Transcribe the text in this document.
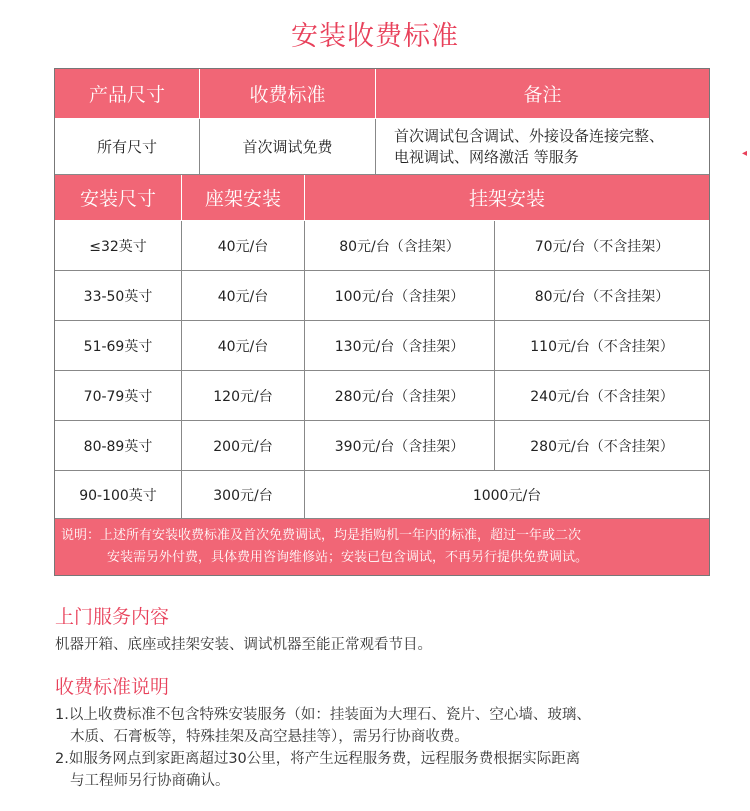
安装收费标准
产品尺寸	收费标准	备注
所有尺寸	首次调试免费
首次调试包含调试、外接设备连接完整、
电视调试、网络激活 等服务
安装尺寸	座架安装	挂架安装
≤32英寸	40元/台	80元/台（含挂架）	70元/台（不含挂架）
33-50英寸	40元/台	100元/台（含挂架）	80元/台（不含挂架）
51-69英寸	40元/台	130元/台（含挂架）	110元/台（不含挂架）
70-79英寸	120元/台	280元/台（含挂架）	240元/台（不含挂架）
80-89英寸	200元/台	390元/台（含挂架）	280元/台（不含挂架）
90-100英寸	300元/台	1000元/台
说明：上述所有安装收费标准及首次免费调试，均是指购机一年内的标准，超过一年或二次
安装需另外付费，具体费用咨询维修站；安装已包含调试，不再另行提供免费调试。
◂
上门服务内容
机器开箱、底座或挂架安装、调试机器至能正常观看节目。
收费标准说明
1.以上收费标准不包含特殊安装服务（如：挂装面为大理石、瓷片、空心墙、玻璃、
木质、石膏板等，特殊挂架及高空悬挂等），需另行协商收费。
2.如服务网点到家距离超过30公里，将产生远程服务费，远程服务费根据实际距离
与工程师另行协商确认。
